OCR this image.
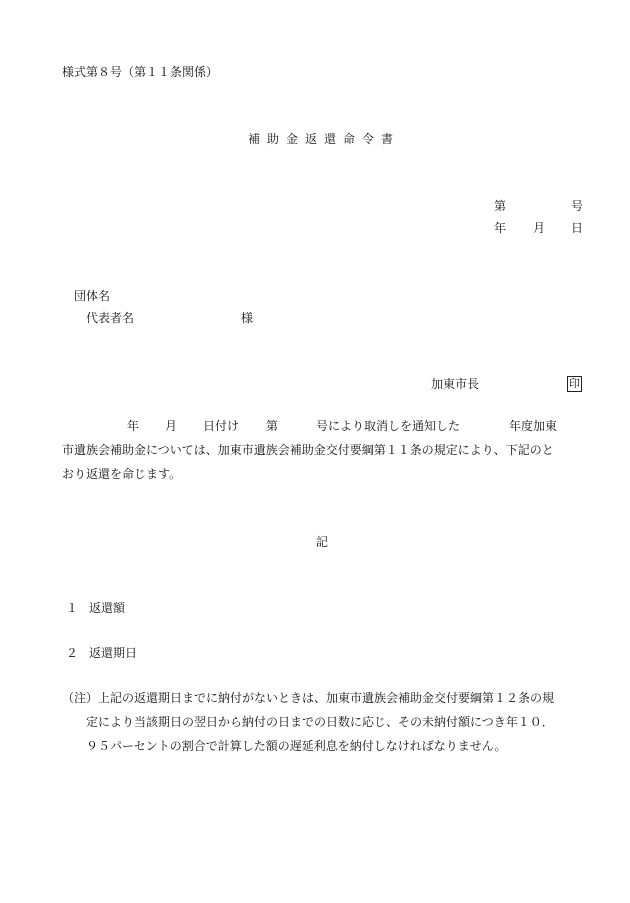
様式第８号（第１１条関係）
補助金返還命令書
第	号
年 月 日
団体名
代表者名	様
加東市長	印
年 月 日付け 第	号により取消しを通知した	年度加東
市遺族会補助金については、加東市遺族会補助金交付要綱第１１条の規定により、下記のと
おり返還を命じます。
記
１ 返還額
２ 返還期日
（注）上記の返還期日までに納付がないときは、加東市遺族会補助金交付要綱第１２条の規
定により当該期日の翌日から納付の日までの日数に応じ、その未納付額につき年１０．
９５パーセントの割合で計算した額の遅延利息を納付しなければなりません。
